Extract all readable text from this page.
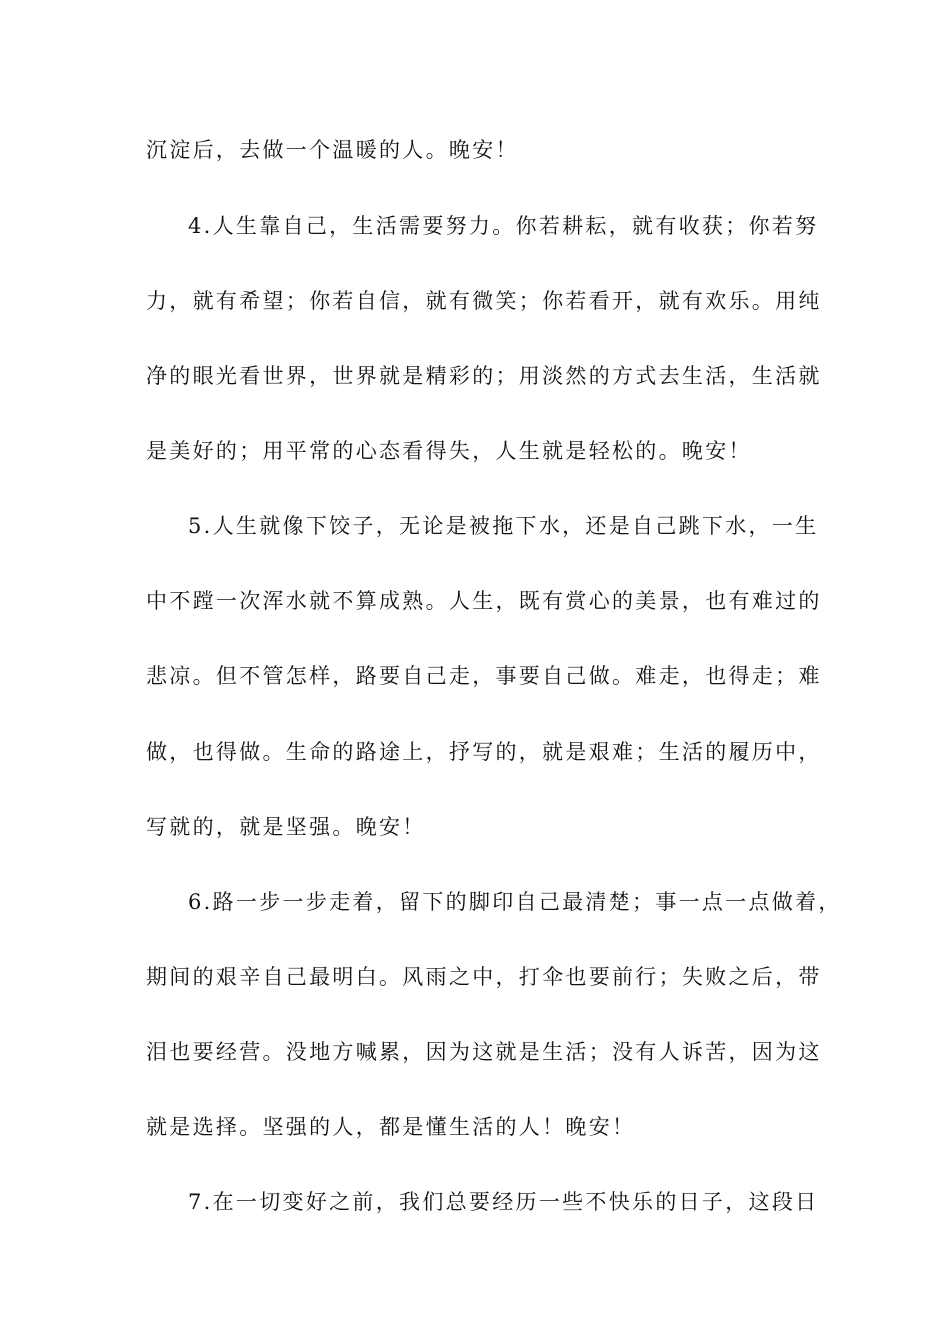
沉淀后，去做一个温暖的人。晚安！
4.人生靠自己，生活需要努力。你若耕耘，就有收获；你若努
力，就有希望；你若自信，就有微笑；你若看开，就有欢乐。用纯
净的眼光看世界，世界就是精彩的；用淡然的方式去生活，生活就
是美好的；用平常的心态看得失，人生就是轻松的。晚安！
5.人生就像下饺子，无论是被拖下水，还是自己跳下水，一生
中不蹚一次浑水就不算成熟。人生，既有赏心的美景，也有难过的
悲凉。但不管怎样，路要自己走，事要自己做。难走，也得走；难
做，也得做。生命的路途上，抒写的，就是艰难；生活的履历中，
写就的，就是坚强。晚安！
6.路一步一步走着，留下的脚印自己最清楚；事一点一点做着，
期间的艰辛自己最明白。风雨之中，打伞也要前行；失败之后，带
泪也要经营。没地方喊累，因为这就是生活；没有人诉苦，因为这
就是选择。坚强的人，都是懂生活的人！晚安！
7.在一切变好之前，我们总要经历一些不快乐的日子，这段日
